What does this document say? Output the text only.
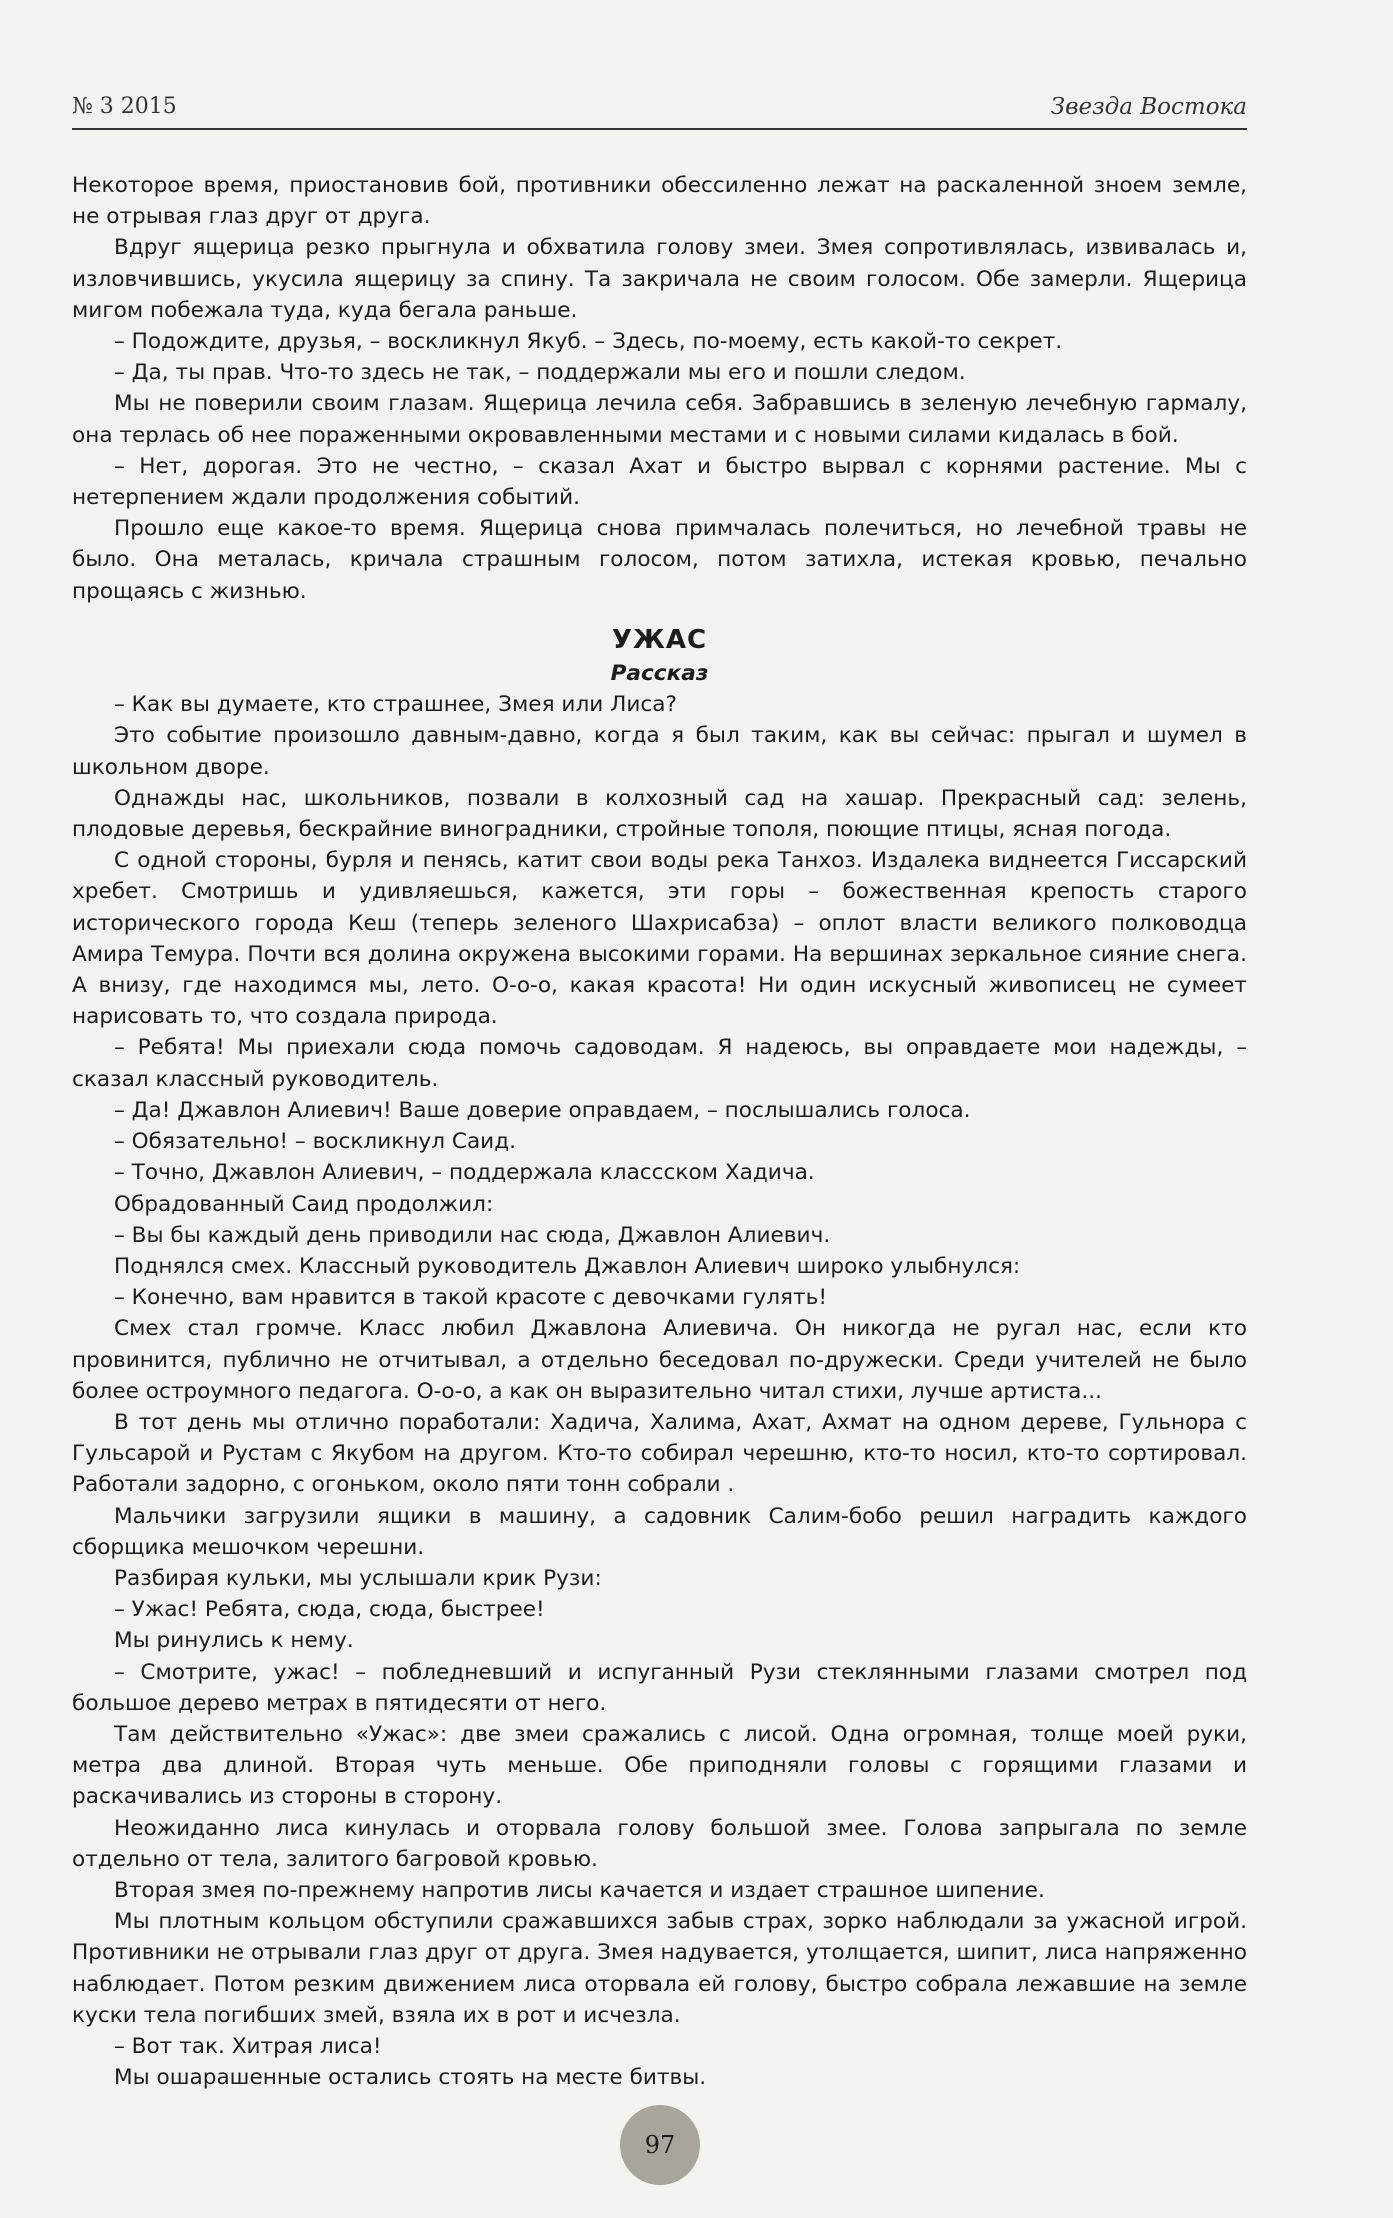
№ 3 2015	Звезда Востока

Некоторое время, приостановив бой, противники обессиленно лежат на раскаленной зноем земле, не отрывая глаз друг от друга.

Вдруг ящерица резко прыгнула и обхватила голову змеи. Змея сопротивлялась, извивалась и, изловчившись, укусила ящерицу за спину. Та закричала не своим голосом. Обе замерли. Ящерица мигом побежала туда, куда бегала раньше.

– Подождите, друзья, – воскликнул Якуб. – Здесь, по-моему, есть какой-то секрет.

– Да, ты прав. Что-то здесь не так, – поддержали мы его и пошли следом.

Мы не поверили своим глазам. Ящерица лечила себя. Забравшись в зеленую лечебную гармалу, она терлась об нее пораженными окровавленными местами и с новыми силами кидалась в бой.

– Нет, дорогая. Это не честно, – сказал Ахат и быстро вырвал с корнями растение. Мы с нетерпением ждали продолжения событий.

Прошло еще какое-то время. Ящерица снова примчалась полечиться, но лечебной травы не было. Она металась, кричала страшным голосом, потом затихла, истекая кровью, печально прощаясь с жизнью.

УЖАС
Рассказ

– Как вы думаете, кто страшнее, Змея или Лиса?

Это событие произошло давным-давно, когда я был таким, как вы сейчас: прыгал и шумел в школьном дворе.

Однажды нас, школьников, позвали в колхозный сад на хашар. Прекрасный сад: зелень, плодовые деревья, бескрайние виноградники, стройные тополя, поющие птицы, ясная погода.

С одной стороны, бурля и пенясь, катит свои воды река Танхоз. Издалека виднеется Гиссарский хребет. Смотришь и удивляешься, кажется, эти горы – божественная крепость старого исторического города Кеш (теперь зеленого Шахрисабза) – оплот власти великого полководца Амира Темура. Почти вся долина окружена высокими горами. На вершинах зеркальное сияние снега. А внизу, где находимся мы, лето. О-о-о, какая красота! Ни один искусный живописец не сумеет нарисовать то, что создала природа.

– Ребята! Мы приехали сюда помочь садоводам. Я надеюсь, вы оправдаете мои надежды, – сказал классный руководитель.

– Да! Джавлон Алиевич! Ваше доверие оправдаем, – послышались голоса.

– Обязательно! – воскликнул Саид.

– Точно, Джавлон Алиевич, – поддержала классском Хадича.

Обрадованный Саид продолжил:

– Вы бы каждый день приводили нас сюда, Джавлон Алиевич.

Поднялся смех. Классный руководитель Джавлон Алиевич широко улыбнулся:

– Конечно, вам нравится в такой красоте с девочками гулять!

Смех стал громче. Класс любил Джавлона Алиевича. Он никогда не ругал нас, если кто провинится, публично не отчитывал, а отдельно беседовал по-дружески. Среди учителей не было более остроумного педагога. О-о-о, а как он выразительно читал стихи, лучше артиста...

В тот день мы отлично поработали: Хадича, Халима, Ахат, Ахмат на одном дереве, Гульнора с Гульсарой и Рустам с Якубом на другом. Кто-то собирал черешню, кто-то носил, кто-то сортировал. Работали задорно, с огоньком, около пяти тонн собрали .

Мальчики загрузили ящики в машину, а садовник Салим-бобо решил наградить каждого сборщика мешочком черешни.

Разбирая кульки, мы услышали крик Рузи:

– Ужас! Ребята, сюда, сюда, быстрее!

Мы ринулись к нему.

– Смотрите, ужас! – побледневший и испуганный Рузи стеклянными глазами смотрел под большое дерево метрах в пятидесяти от него.

Там действительно «Ужас»: две змеи сражались с лисой. Одна огромная, толще моей руки, метра два длиной. Вторая чуть меньше. Обе приподняли головы с горящими глазами и раскачивались из стороны в сторону.

Неожиданно лиса кинулась и оторвала голову большой змее. Голова запрыгала по земле отдельно от тела, залитого багровой кровью.

Вторая змея по-прежнему напротив лисы качается и издает страшное шипение.

Мы плотным кольцом обступили сражавшихся забыв страх, зорко наблюдали за ужасной игрой. Противники не отрывали глаз друг от друга. Змея надувается, утолщается, шипит, лиса напряженно наблюдает. Потом резким движением лиса оторвала ей голову, быстро собрала лежавшие на земле куски тела погибших змей, взяла их в рот и исчезла.

– Вот так. Хитрая лиса!

Мы ошарашенные остались стоять на месте битвы.

97
